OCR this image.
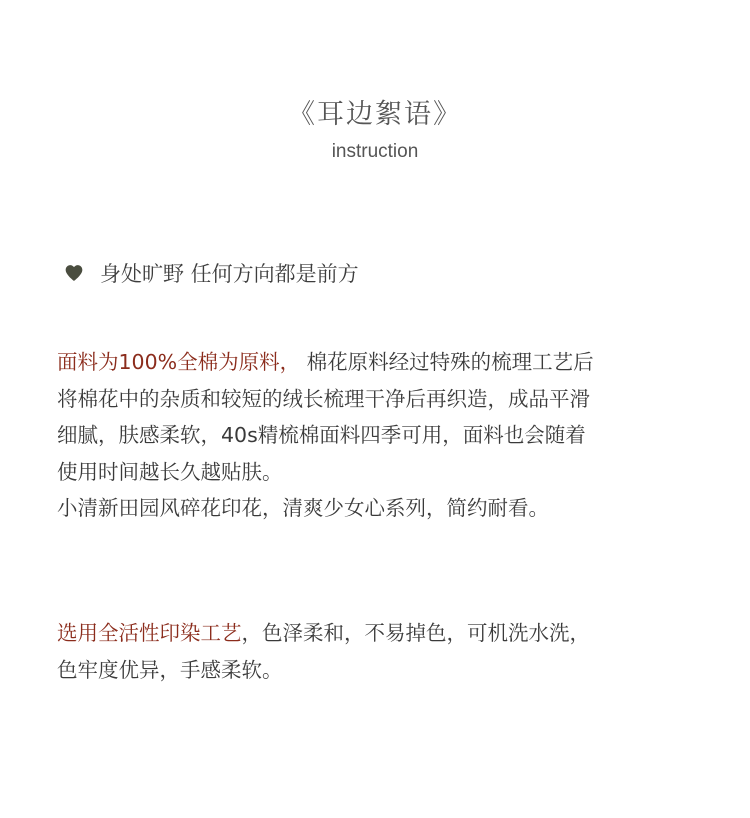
《耳边絮语》
instruction
身处旷野 任何方向都是前方
面料为100%全棉为原料， 棉花原料经过特殊的梳理工艺后
将棉花中的杂质和较短的绒长梳理干净后再织造，成品平滑
细腻，肤感柔软，40s精梳棉面料四季可用，面料也会随着
使用时间越长久越贴肤。
小清新田园风碎花印花，清爽少女心系列，简约耐看。
选用全活性印染工艺，色泽柔和，不易掉色，可机洗水洗，
色牢度优异，手感柔软。
